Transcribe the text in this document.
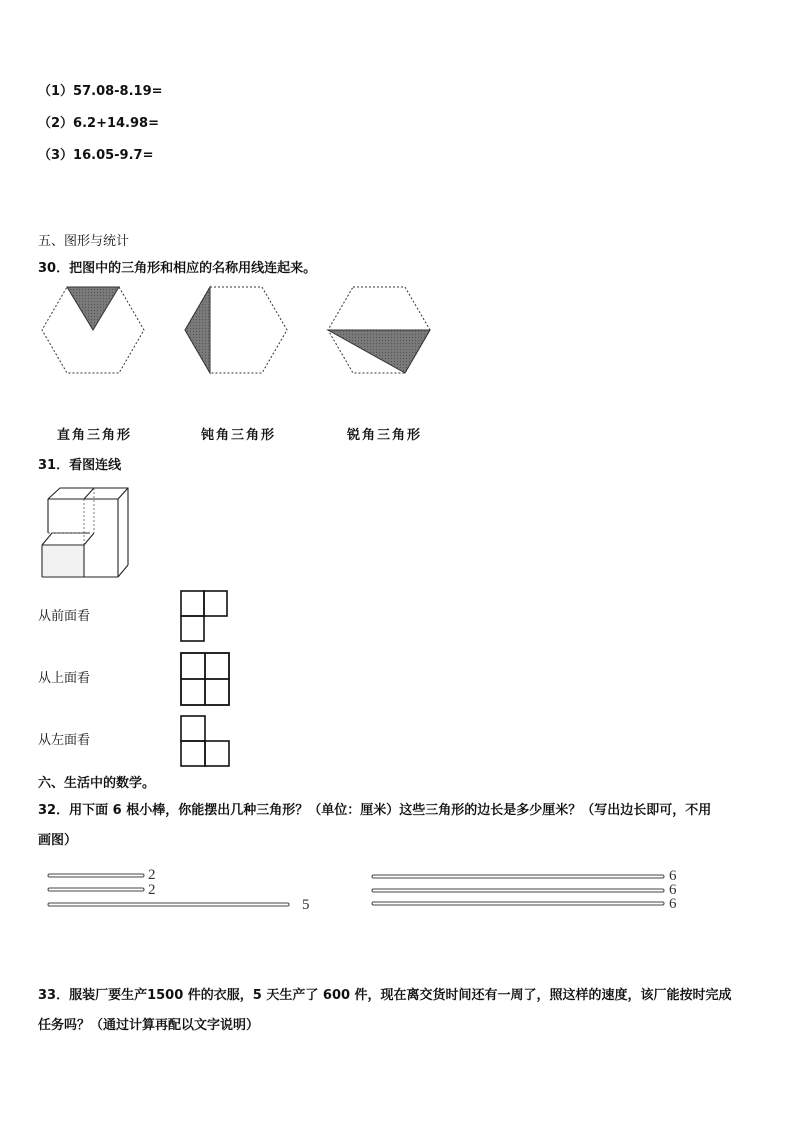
（1）57.08-8.19=
（2）6.2+14.98=
（3）16.05-9.7=
五、图形与统计
30．把图中的三角形和相应的名称用线连起来。
直角三角形	钝角三角形	锐角三角形
31．看图连线
从前面看
从上面看
从左面看
六、生活中的数学。
32．用下面 6 根小棒，你能摆出几种三角形？（单位：厘米）这些三角形的边长是多少厘米？（写出边长即可，不用
画图）
2
2
5
6
6
6
33．服装厂要生产1500 件的衣服，5 天生产了 600 件，现在离交货时间还有一周了，照这样的速度，该厂能按时完成
任务吗？（通过计算再配以文字说明）
